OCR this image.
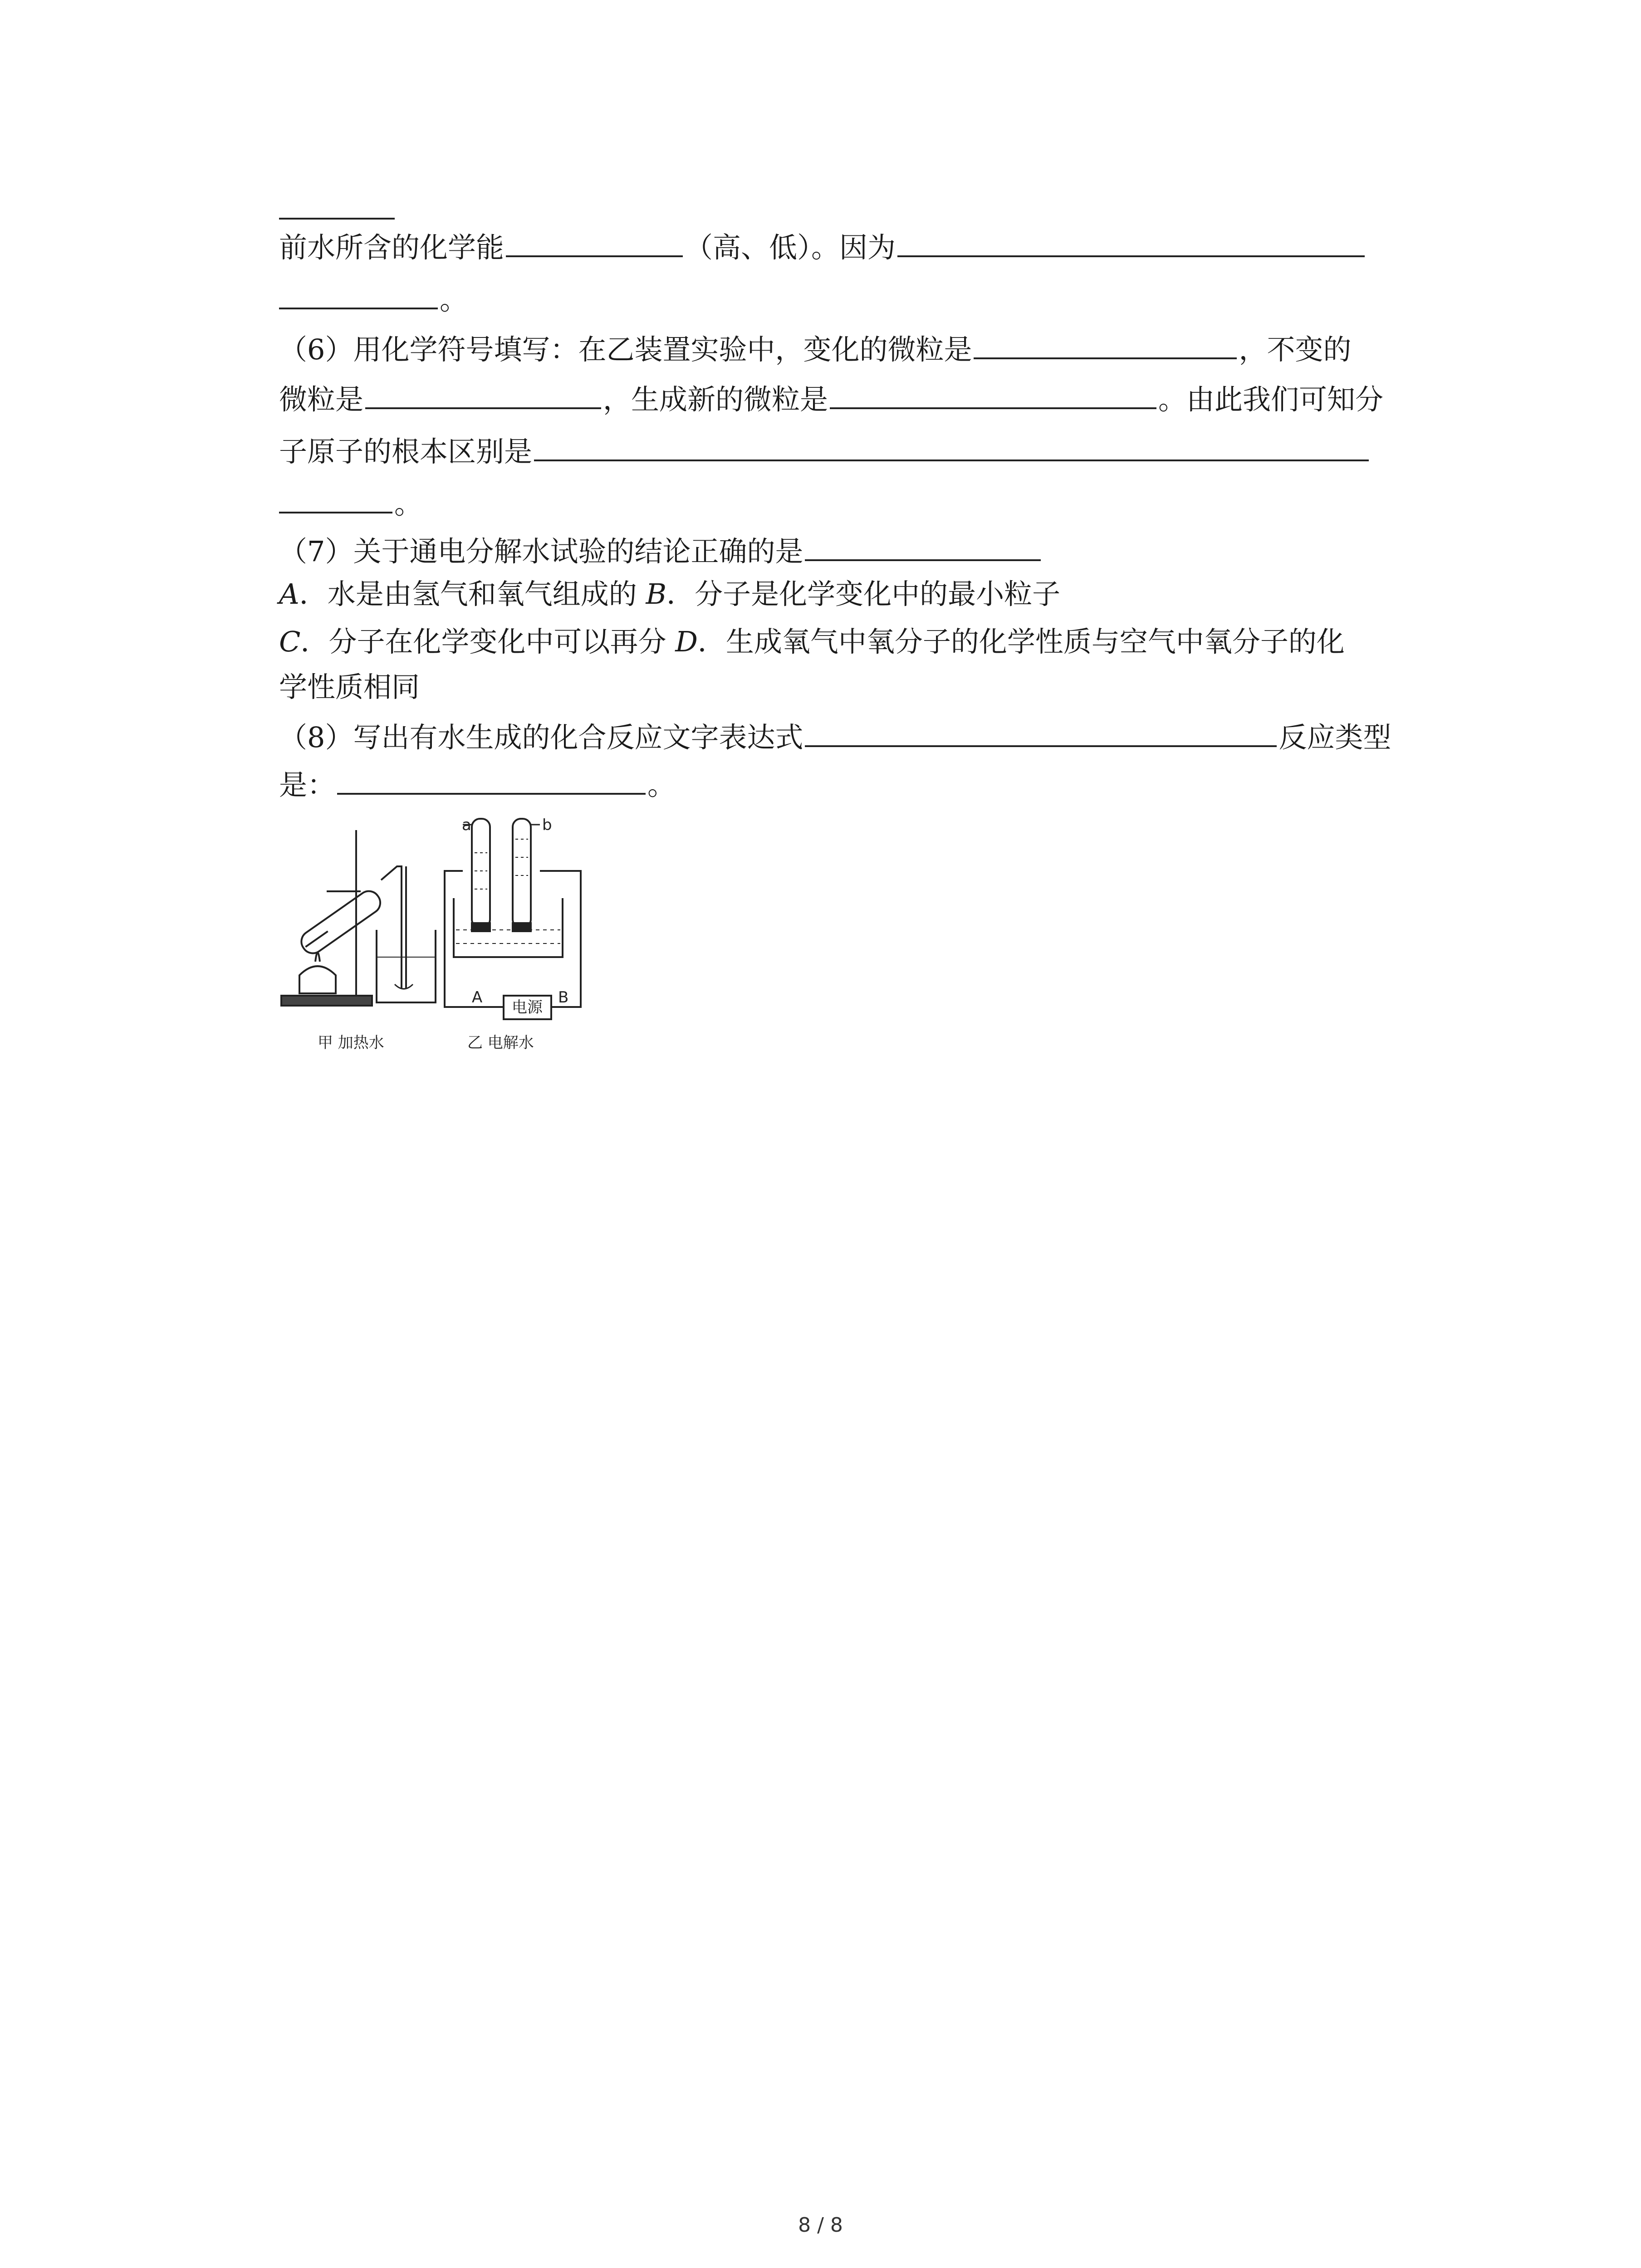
前水所含的化学能	（高、低）。因为
。
（6）用化学符号填写：在乙装置实验中，变化的微粒是	，不变的
微粒是	，生成新的微粒是	。由此我们可知分
子原子的根本区别是
。
（7）关于通电分解水试验的结论正确的是
A．水是由氢气和氧气组成的 B．分子是化学变化中的最小粒子
C．分子在化学变化中可以再分 D．生成氧气中氧分子的化学性质与空气中氧分子的化
学性质相同
（8）写出有水生成的化合反应文字表达式	反应类型
是：	。
a	b
A	B
电源
甲 加热水	乙 电解水
8 / 8
